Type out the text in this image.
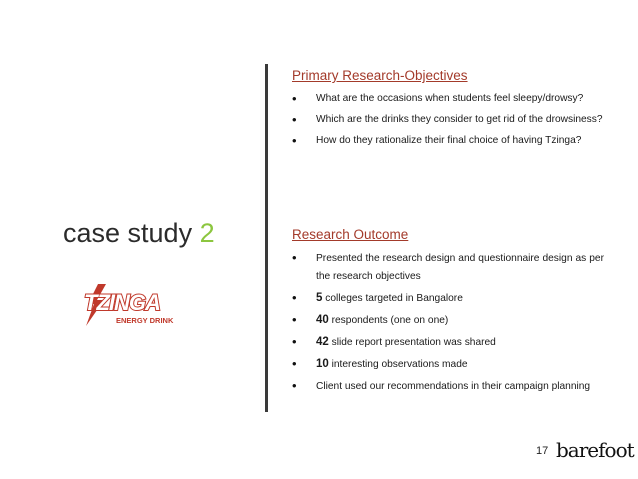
case study 2
TZINGA
ENERGY DRINK
Primary Research-Objectives
• What are the occasions when students feel sleepy/drowsy?
• Which are the drinks they consider to get rid of the drowsiness?
• How do they rationalize their final choice of having Tzinga?
Research Outcome
• Presented the research design and questionnaire design as per the research objectives
• 5 colleges targeted in Bangalore
• 40 respondents (one on one)
• 42 slide report presentation was shared
• 10 interesting observations made
• Client used our recommendations in their campaign planning
17 barefoot
